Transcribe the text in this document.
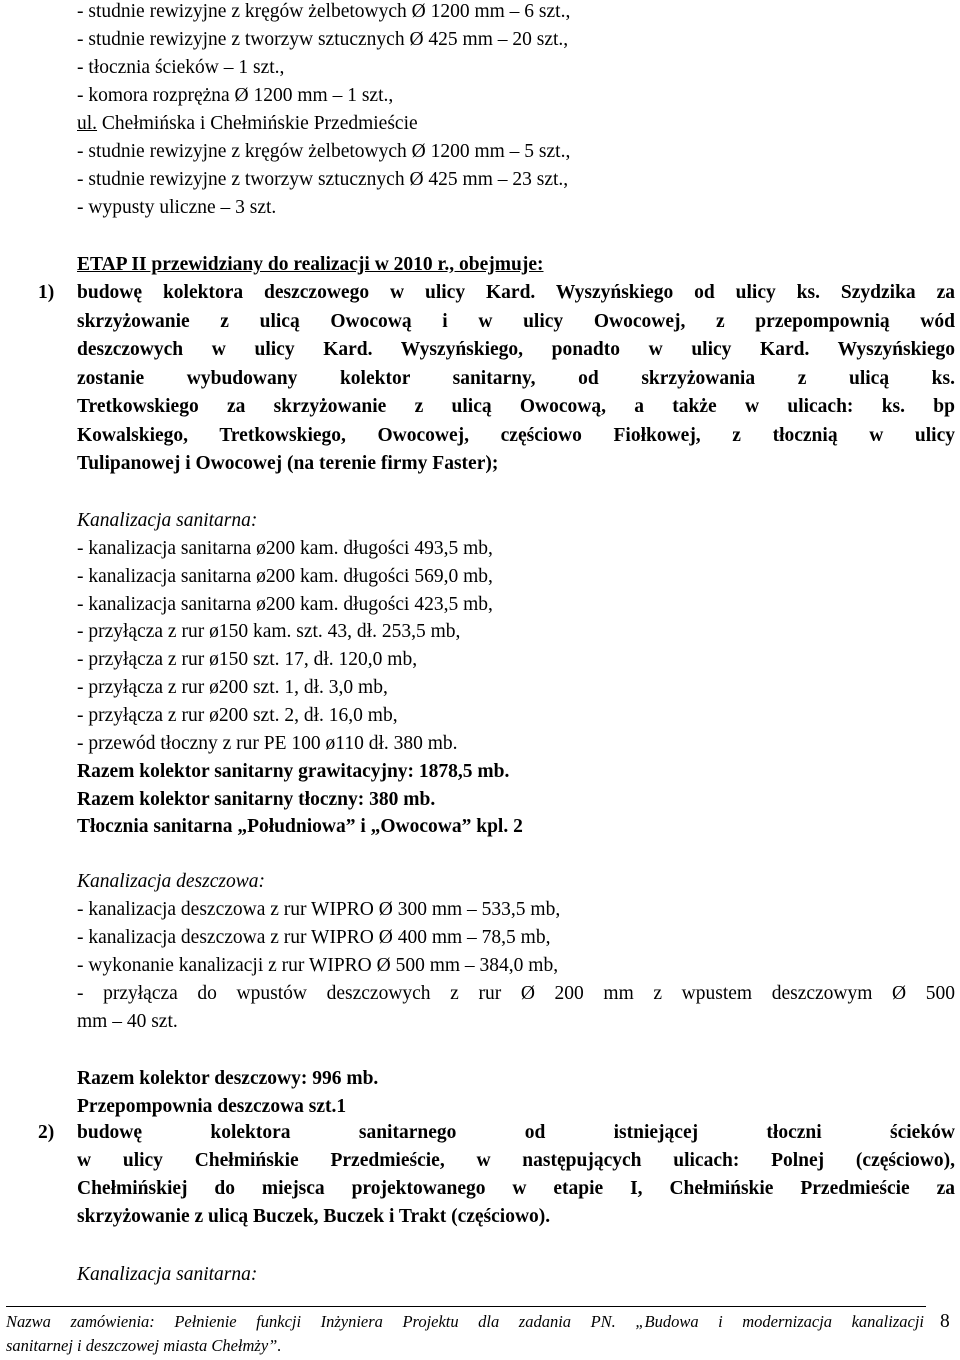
- studnie rewizyjne z kręgów żelbetowych Ø 1200 mm – 6 szt.,
- studnie rewizyjne z tworzyw sztucznych Ø 425 mm – 20 szt.,
- tłocznia ścieków – 1 szt.,
- komora rozprężna Ø 1200 mm – 1 szt.,
ul. Chełmińska i Chełmińskie Przedmieście
- studnie rewizyjne z kręgów żelbetowych Ø 1200 mm – 5 szt.,
- studnie rewizyjne z tworzyw sztucznych Ø 425 mm – 23 szt.,
- wypusty uliczne – 3 szt.
ETAP II przewidziany do realizacji w 2010 r., obejmuje:
1) budowę kolektora deszczowego w ulicy Kard. Wyszyńskiego od ulicy ks. Szydzika za
skrzyżowanie z ulicą Owocową i w ulicy Owocowej, z przepompownią wód
deszczowych w ulicy Kard. Wyszyńskiego, ponadto w ulicy Kard. Wyszyńskiego
zostanie wybudowany kolektor sanitarny, od skrzyżowania z ulicą ks.
Tretkowskiego za skrzyżowanie z ulicą Owocową, a także w ulicach: ks. bp
Kowalskiego, Tretkowskiego, Owocowej, częściowo Fiołkowej, z tłocznią w ulicy
Tulipanowej i Owocowej (na terenie firmy Faster);
Kanalizacja sanitarna:
- kanalizacja sanitarna ø200 kam. długości 493,5 mb,
- kanalizacja sanitarna ø200 kam. długości 569,0 mb,
- kanalizacja sanitarna ø200 kam. długości 423,5 mb,
- przyłącza z rur ø150 kam. szt. 43, dł. 253,5 mb,
- przyłącza z rur ø150 szt. 17, dł. 120,0 mb,
- przyłącza z rur ø200 szt. 1, dł. 3,0 mb,
- przyłącza z rur ø200 szt. 2, dł. 16,0 mb,
- przewód tłoczny z rur PE 100 ø110 dł. 380 mb.
Razem kolektor sanitarny grawitacyjny: 1878,5 mb.
Razem kolektor sanitarny tłoczny: 380 mb.
Tłocznia sanitarna „Południowa” i „Owocowa” kpl. 2
Kanalizacja deszczowa:
- kanalizacja deszczowa z rur WIPRO Ø 300 mm – 533,5 mb,
- kanalizacja deszczowa z rur WIPRO Ø 400 mm – 78,5 mb,
- wykonanie kanalizacji z rur WIPRO Ø 500 mm – 384,0 mb,
- przyłącza do wpustów deszczowych z rur Ø 200 mm z wpustem deszczowym Ø 500
mm – 40 szt.
Razem kolektor deszczowy: 996 mb.
Przepompownia deszczowa szt.1
2) budowę kolektora sanitarnego od istniejącej tłoczni ścieków
w ulicy Chełmińskie Przedmieście, w następujących ulicach: Polnej (częściowo),
Chełmińskiej do miejsca projektowanego w etapie I, Chełmińskie Przedmieście za
skrzyżowanie z ulicą Buczek, Buczek i Trakt (częściowo).
Kanalizacja sanitarna:
Nazwa zamówienia: Pełnienie funkcji Inżyniera Projektu dla zadania PN. „Budowa i modernizacja kanalizacji
sanitarnej i deszczowej miasta Chełmży”.
8
